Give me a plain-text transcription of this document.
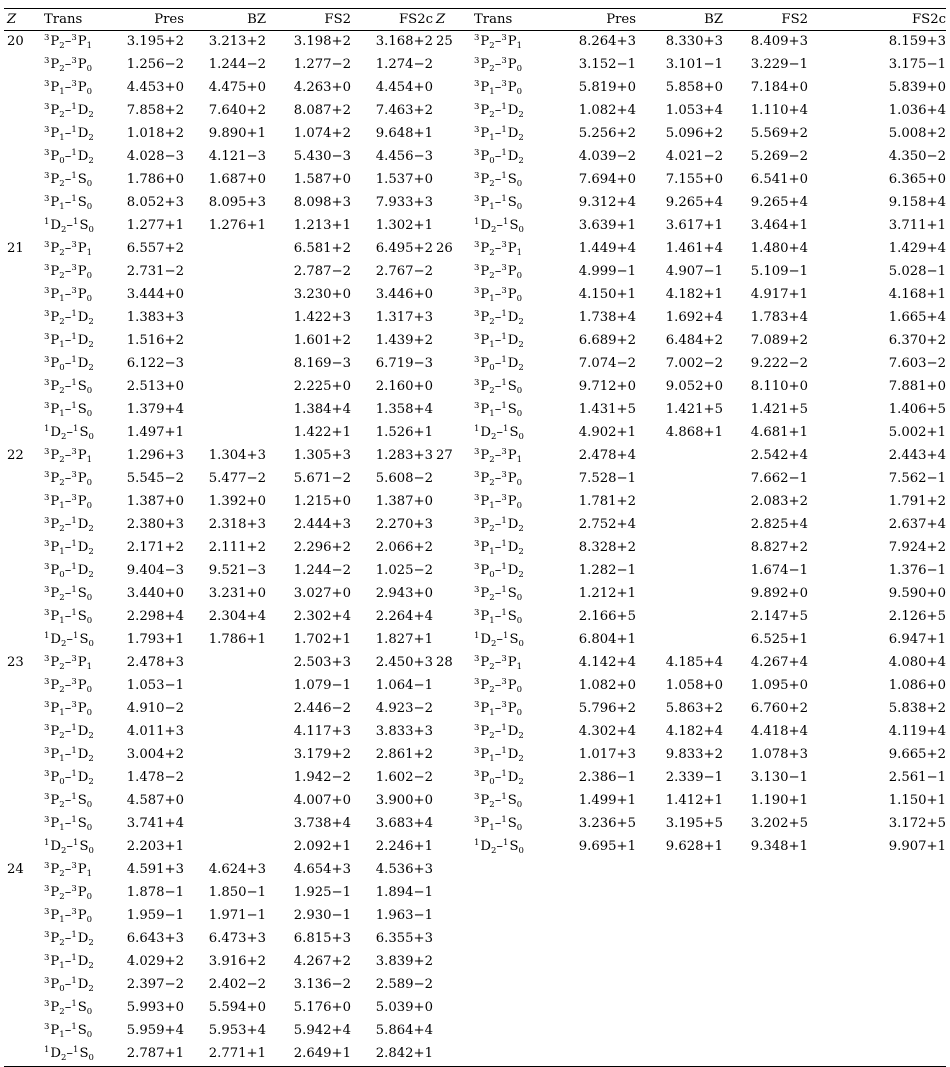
Z	Trans	Pres	BZ	FS2	FS2c	Z	Trans	Pres	BZ	FS2	FS2c
20	$^3P_2-^3P_1$	3.195+2	3.213+2	3.198+2	3.168+2	25	$^3P_2-^3P_1$	8.264+3	8.330+3	8.409+3	8.159+3
	$^3P_2-^3P_0$	1.256−2	1.244−2	1.277−2	1.274−2		$^3P_2-^3P_0$	3.152−1	3.101−1	3.229−1	3.175−1
	$^3P_1-^3P_0$	4.453+0	4.475+0	4.263+0	4.454+0		$^3P_1-^3P_0$	5.819+0	5.858+0	7.184+0	5.839+0
	$^3P_2-^1D_2$	7.858+2	7.640+2	8.087+2	7.463+2		$^3P_2-^1D_2$	1.082+4	1.053+4	1.110+4	1.036+4
	$^3P_1-^1D_2$	1.018+2	9.890+1	1.074+2	9.648+1		$^3P_1-^1D_2$	5.256+2	5.096+2	5.569+2	5.008+2
	$^3P_0-^1D_2$	4.028−3	4.121−3	5.430−3	4.456−3		$^3P_0-^1D_2$	4.039−2	4.021−2	5.269−2	4.350−2
	$^3P_2-^1S_0$	1.786+0	1.687+0	1.587+0	1.537+0		$^3P_2-^1S_0$	7.694+0	7.155+0	6.541+0	6.365+0
	$^3P_1-^1S_0$	8.052+3	8.095+3	8.098+3	7.933+3		$^3P_1-^1S_0$	9.312+4	9.265+4	9.265+4	9.158+4
	$^1D_2-^1S_0$	1.277+1	1.276+1	1.213+1	1.302+1		$^1D_2-^1S_0$	3.639+1	3.617+1	3.464+1	3.711+1
21	$^3P_2-^3P_1$	6.557+2		6.581+2	6.495+2	26	$^3P_2-^3P_1$	1.449+4	1.461+4	1.480+4	1.429+4
	$^3P_2-^3P_0$	2.731−2		2.787−2	2.767−2		$^3P_2-^3P_0$	4.999−1	4.907−1	5.109−1	5.028−1
	$^3P_1-^3P_0$	3.444+0		3.230+0	3.446+0		$^3P_1-^3P_0$	4.150+1	4.182+1	4.917+1	4.168+1
	$^3P_2-^1D_2$	1.383+3		1.422+3	1.317+3		$^3P_2-^1D_2$	1.738+4	1.692+4	1.783+4	1.665+4
	$^3P_1-^1D_2$	1.516+2		1.601+2	1.439+2		$^3P_1-^1D_2$	6.689+2	6.484+2	7.089+2	6.370+2
	$^3P_0-^1D_2$	6.122−3		8.169−3	6.719−3		$^3P_0-^1D_2$	7.074−2	7.002−2	9.222−2	7.603−2
	$^3P_2-^1S_0$	2.513+0		2.225+0	2.160+0		$^3P_2-^1S_0$	9.712+0	9.052+0	8.110+0	7.881+0
	$^3P_1-^1S_0$	1.379+4		1.384+4	1.358+4		$^3P_1-^1S_0$	1.431+5	1.421+5	1.421+5	1.406+5
	$^1D_2-^1S_0$	1.497+1		1.422+1	1.526+1		$^1D_2-^1S_0$	4.902+1	4.868+1	4.681+1	5.002+1
22	$^3P_2-^3P_1$	1.296+3	1.304+3	1.305+3	1.283+3	27	$^3P_2-^3P_1$	2.478+4		2.542+4	2.443+4
	$^3P_2-^3P_0$	5.545−2	5.477−2	5.671−2	5.608−2		$^3P_2-^3P_0$	7.528−1		7.662−1	7.562−1
	$^3P_1-^3P_0$	1.387+0	1.392+0	1.215+0	1.387+0		$^3P_1-^3P_0$	1.781+2		2.083+2	1.791+2
	$^3P_2-^1D_2$	2.380+3	2.318+3	2.444+3	2.270+3		$^3P_2-^1D_2$	2.752+4		2.825+4	2.637+4
	$^3P_1-^1D_2$	2.171+2	2.111+2	2.296+2	2.066+2		$^3P_1-^1D_2$	8.328+2		8.827+2	7.924+2
	$^3P_0-^1D_2$	9.404−3	9.521−3	1.244−2	1.025−2		$^3P_0-^1D_2$	1.282−1		1.674−1	1.376−1
	$^3P_2-^1S_0$	3.440+0	3.231+0	3.027+0	2.943+0		$^3P_2-^1S_0$	1.212+1		9.892+0	9.590+0
	$^3P_1-^1S_0$	2.298+4	2.304+4	2.302+4	2.264+4		$^3P_1-^1S_0$	2.166+5		2.147+5	2.126+5
	$^1D_2-^1S_0$	1.793+1	1.786+1	1.702+1	1.827+1		$^1D_2-^1S_0$	6.804+1		6.525+1	6.947+1
23	$^3P_2-^3P_1$	2.478+3		2.503+3	2.450+3	28	$^3P_2-^3P_1$	4.142+4	4.185+4	4.267+4	4.080+4
	$^3P_2-^3P_0$	1.053−1		1.079−1	1.064−1		$^3P_2-^3P_0$	1.082+0	1.058+0	1.095+0	1.086+0
	$^3P_1-^3P_0$	4.910−2		2.446−2	4.923−2		$^3P_1-^3P_0$	5.796+2	5.863+2	6.760+2	5.838+2
	$^3P_2-^1D_2$	4.011+3		4.117+3	3.833+3		$^3P_2-^1D_2$	4.302+4	4.182+4	4.418+4	4.119+4
	$^3P_1-^1D_2$	3.004+2		3.179+2	2.861+2		$^3P_1-^1D_2$	1.017+3	9.833+2	1.078+3	9.665+2
	$^3P_0-^1D_2$	1.478−2		1.942−2	1.602−2		$^3P_0-^1D_2$	2.386−1	2.339−1	3.130−1	2.561−1
	$^3P_2-^1S_0$	4.587+0		4.007+0	3.900+0		$^3P_2-^1S_0$	1.499+1	1.412+1	1.190+1	1.150+1
	$^3P_1-^1S_0$	3.741+4		3.738+4	3.683+4		$^3P_1-^1S_0$	3.236+5	3.195+5	3.202+5	3.172+5
	$^1D_2-^1S_0$	2.203+1		2.092+1	2.246+1		$^1D_2-^1S_0$	9.695+1	9.628+1	9.348+1	9.907+1
24	$^3P_2-^3P_1$	4.591+3	4.624+3	4.654+3	4.536+3						
	$^3P_2-^3P_0$	1.878−1	1.850−1	1.925−1	1.894−1						
	$^3P_1-^3P_0$	1.959−1	1.971−1	2.930−1	1.963−1						
	$^3P_2-^1D_2$	6.643+3	6.473+3	6.815+3	6.355+3						
	$^3P_1-^1D_2$	4.029+2	3.916+2	4.267+2	3.839+2						
	$^3P_0-^1D_2$	2.397−2	2.402−2	3.136−2	2.589−2						
	$^3P_2-^1S_0$	5.993+0	5.594+0	5.176+0	5.039+0						
	$^3P_1-^1S_0$	5.959+4	5.953+4	5.942+4	5.864+4						
	$^1D_2-^1S_0$	2.787+1	2.771+1	2.649+1	2.842+1						
